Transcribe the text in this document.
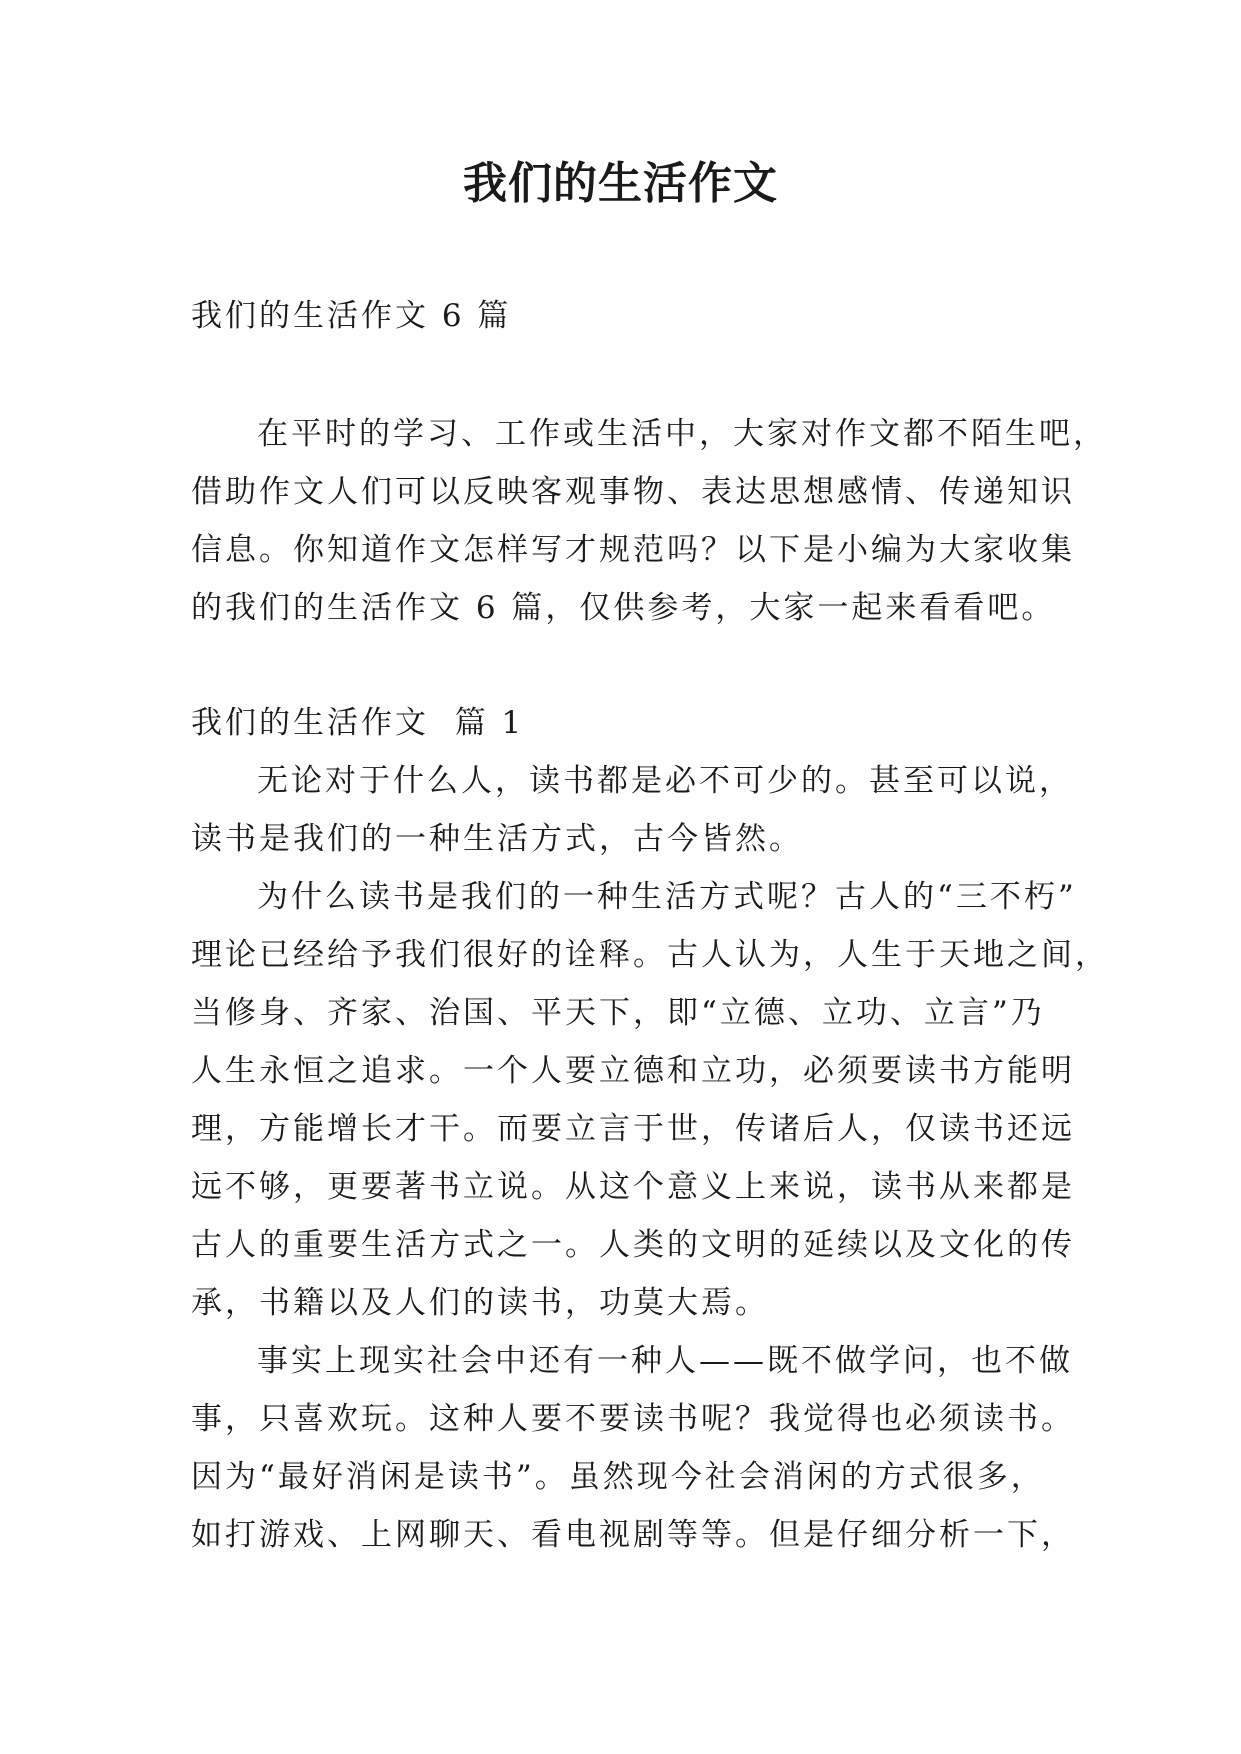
我们的生活作文
我们的生活作文 6 篇
在平时的学习、工作或生活中，大家对作文都不陌生吧，
借助作文人们可以反映客观事物、表达思想感情、传递知识
信息。你知道作文怎样写才规范吗？以下是小编为大家收集
的我们的生活作文 6 篇，仅供参考，大家一起来看看吧。
我们的生活作文  篇 1
无论对于什么人，读书都是必不可少的。甚至可以说，
读书是我们的一种生活方式，古今皆然。
为什么读书是我们的一种生活方式呢？古人的“三不朽”
理论已经给予我们很好的诠释。古人认为，人生于天地之间，
当修身、齐家、治国、平天下，即“立德、立功、立言”乃
人生永恒之追求。一个人要立德和立功，必须要读书方能明
理，方能增长才干。而要立言于世，传诸后人，仅读书还远
远不够，更要著书立说。从这个意义上来说，读书从来都是
古人的重要生活方式之一。人类的文明的延续以及文化的传
承，书籍以及人们的读书，功莫大焉。
事实上现实社会中还有一种人——既不做学问，也不做
事，只喜欢玩。这种人要不要读书呢？我觉得也必须读书。
因为“最好消闲是读书”。虽然现今社会消闲的方式很多，
如打游戏、上网聊天、看电视剧等等。但是仔细分析一下，
